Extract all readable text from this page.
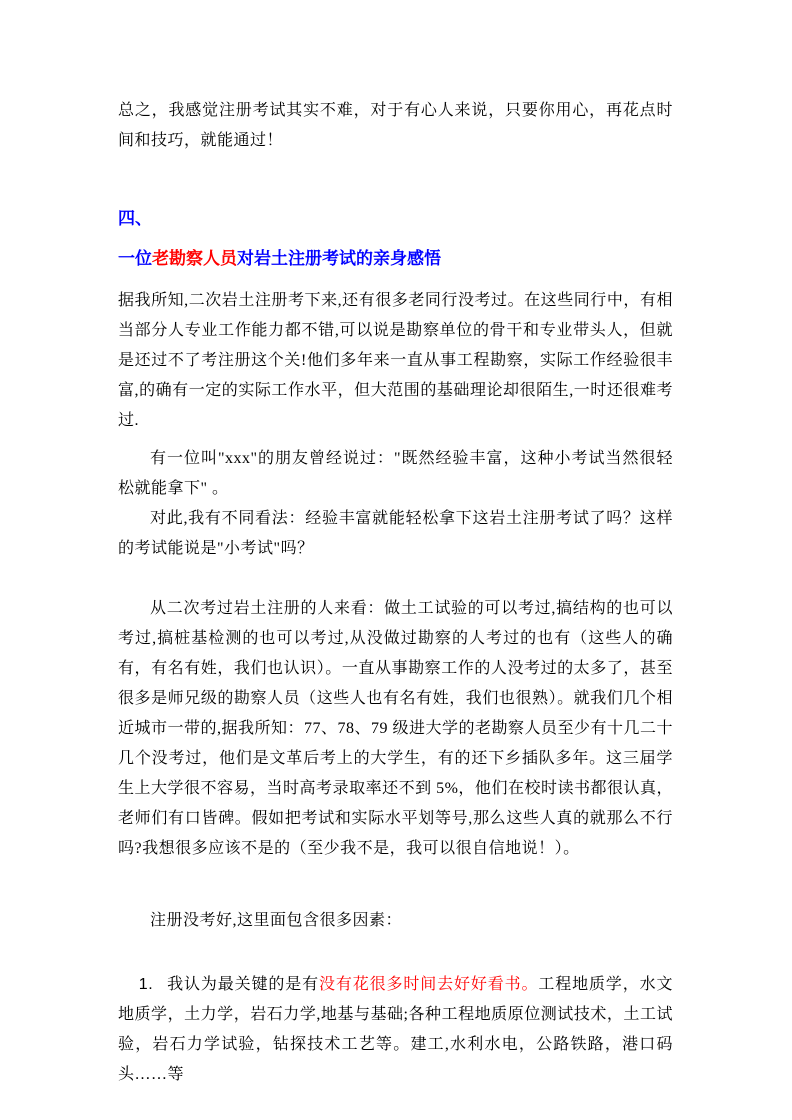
总之，我感觉注册考试其实不难，对于有心人来说，只要你用心，再花点时间和技巧，就能通过！

四、
一位老勘察人员对岩土注册考试的亲身感悟

据我所知,二次岩土注册考下来,还有很多老同行没考过。在这些同行中，有相当部分人专业工作能力都不错,可以说是勘察单位的骨干和专业带头人，但就是还过不了考注册这个关!他们多年来一直从事工程勘察，实际工作经验很丰富,的确有一定的实际工作水平，但大范围的基础理论却很陌生,一时还很难考过.

有一位叫"xxx"的朋友曾经说过："既然经验丰富，这种小考试当然很轻松就能拿下" 。

对此,我有不同看法：经验丰富就能轻松拿下这岩土注册考试了吗？这样的考试能说是"小考试"吗？

从二次考过岩土注册的人来看：做土工试验的可以考过,搞结构的也可以考过,搞桩基检测的也可以考过,从没做过勘察的人考过的也有（这些人的确有，有名有姓，我们也认识）。一直从事勘察工作的人没考过的太多了，甚至很多是师兄级的勘察人员（这些人也有名有姓，我们也很熟）。就我们几个相近城市一带的,据我所知：77、78、79 级进大学的老勘察人员至少有十几二十几个没考过，他们是文革后考上的大学生，有的还下乡插队多年。这三届学生上大学很不容易，当时高考录取率还不到 5%，他们在校时读书都很认真，老师们有口皆碑。假如把考试和实际水平划等号,那么这些人真的就那么不行吗?我想很多应该不是的（至少我不是，我可以很自信地说！）。

注册没考好,这里面包含很多因素：

1. 我认为最关键的是有没有花很多时间去好好看书。工程地质学，水文地质学，土力学，岩石力学,地基与基础;各种工程地质原位测试技术，土工试验，岩石力学试验，钻探技术工艺等。建工,水利水电，公路铁路，港口码头……等
